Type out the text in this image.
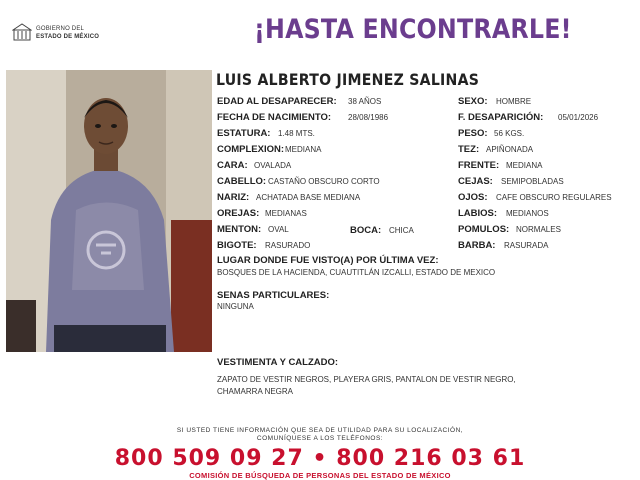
GOBIERNO DEL
ESTADO DE MÉXICO	¡HASTA ENCONTRARLE!
LUIS ALBERTO JIMENEZ SALINAS
EDAD AL DESAPARECER: 38 AÑOS
FECHA DE NACIMIENTO: 28/08/1986
ESTATURA: 1.48 MTS.
COMPLEXION: MEDIANA
CARA: OVALADA
CABELLO: CASTAÑO OBSCURO CORTO
NARIZ: ACHATADA BASE MEDIANA
OREJAS: MEDIANAS
MENTON: OVAL
BIGOTE: RASURADO
BOCA: CHICA
SEXO: HOMBRE
F. DESAPARICIÓN: 05/01/2026
PESO: 56 KGS.
TEZ: APIÑONADA
FRENTE: MEDIANA
CEJAS: SEMIPOBLADAS
OJOS: CAFE OBSCURO REGULARES
LABIOS: MEDIANOS
POMULOS: NORMALES
BARBA: RASURADA
LUGAR DONDE FUE VISTO(A) POR ÚLTIMA VEZ:
BOSQUES DE LA HACIENDA, CUAUTITLÁN IZCALLI, ESTADO DE MEXICO
SENAS PARTICULARES:
NINGUNA
VESTIMENTA Y CALZADO:
ZAPATO DE VESTIR NEGROS, PLAYERA GRIS, PANTALON DE VESTIR NEGRO,
CHAMARRA NEGRA
SI USTED TIENE INFORMACIÓN QUE SEA DE UTILIDAD PARA SU LOCALIZACIÓN,
COMUNÍQUESE A LOS TELÉFONOS:
800 509 09 27 • 800 216 03 61
COMISIÓN DE BÚSQUEDA DE PERSONAS DEL ESTADO DE MÉXICO
